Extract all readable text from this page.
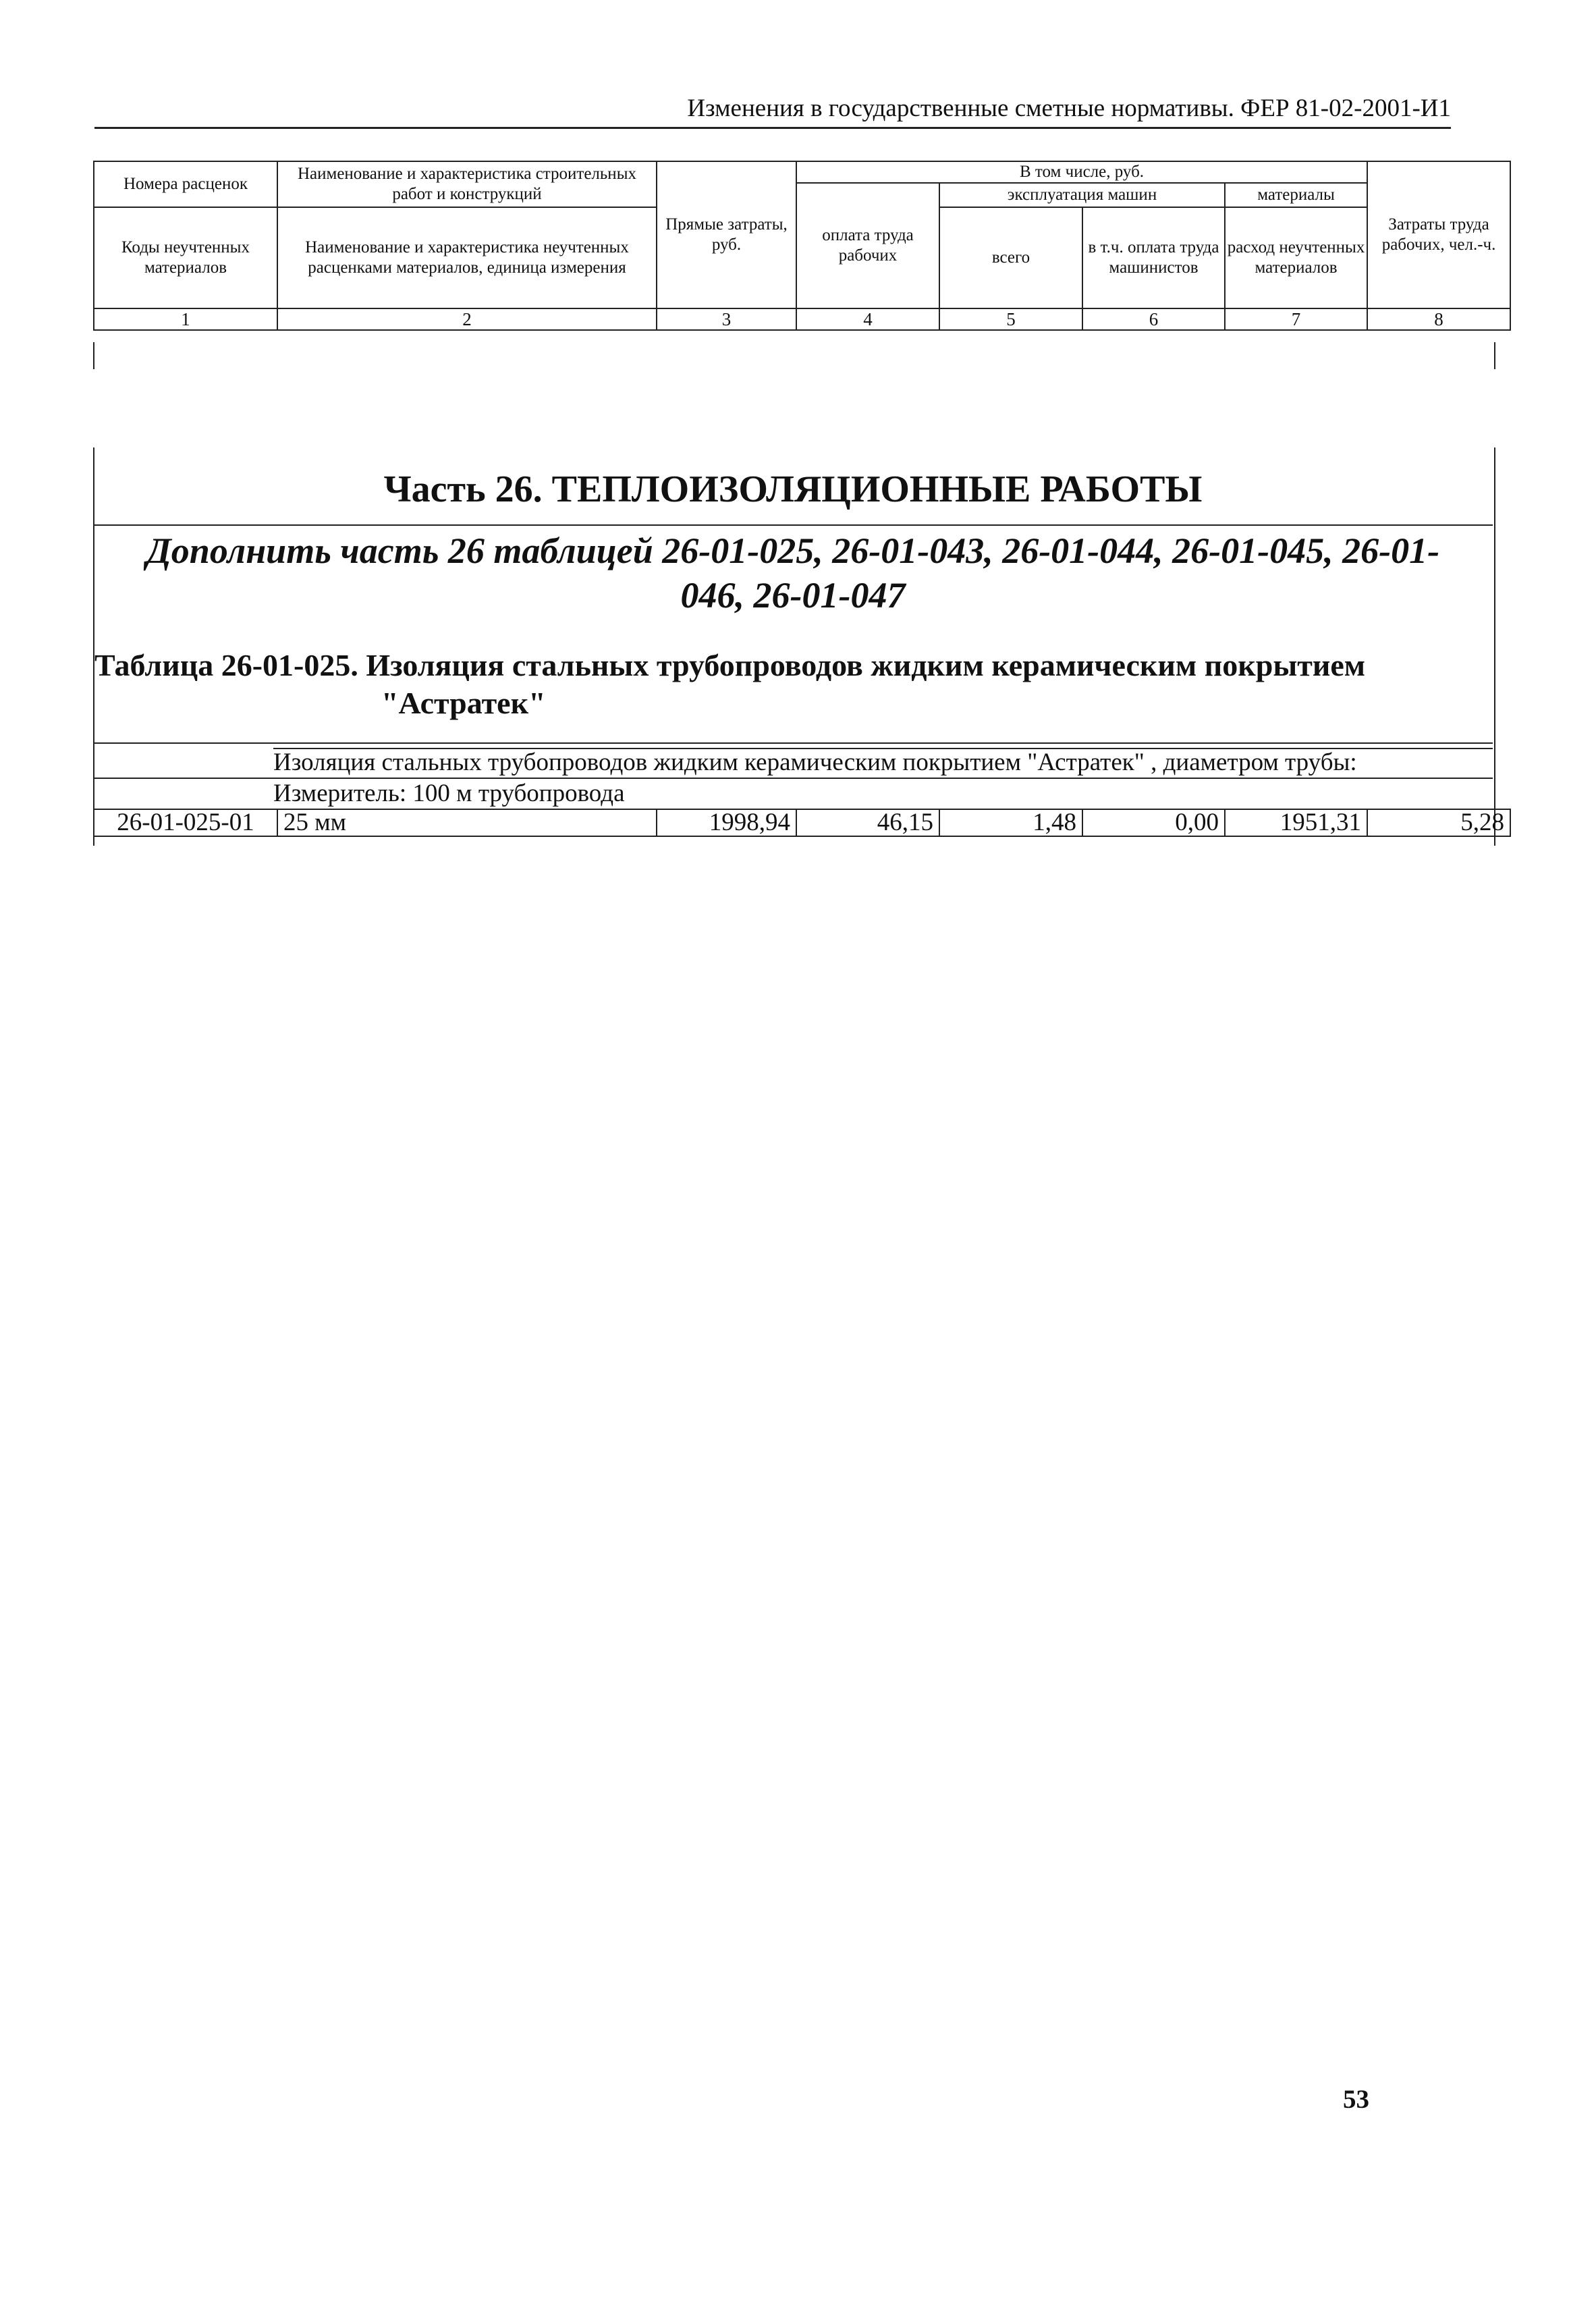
Изменения в государственные сметные нормативы. ФЕР 81-02-2001-И1
Номера расценок	Наименование и характеристика строительных работ и конструкций	Прямые затраты, руб.	В том числе, руб.				Затраты труда рабочих, чел.-ч.
			оплата труда рабочих	эксплуатация машин		материалы	
Коды неучтенных материалов	Наименование и характеристика неучтенных расценками материалов, единица измерения			всего	в т.ч. оплата труда машинистов	расход неучтенных материалов	
1	2	3	4	5	6	7	8
Часть 26. ТЕПЛОИЗОЛЯЦИОННЫЕ РАБОТЫ
Дополнить часть 26 таблицей 26-01-025, 26-01-043, 26-01-044, 26-01-045, 26-01-
046, 26-01-047
Таблица 26-01-025. Изоляция стальных трубопроводов жидким керамическим покрытием
"Астратек"
Изоляция стальных трубопроводов жидким керамическим покрытием "Астратек" , диаметром трубы:
Измеритель: 100 м трубопровода
26-01-025-01	25 мм	1998,94	46,15	1,48	0,00	1951,31	5,28
53
